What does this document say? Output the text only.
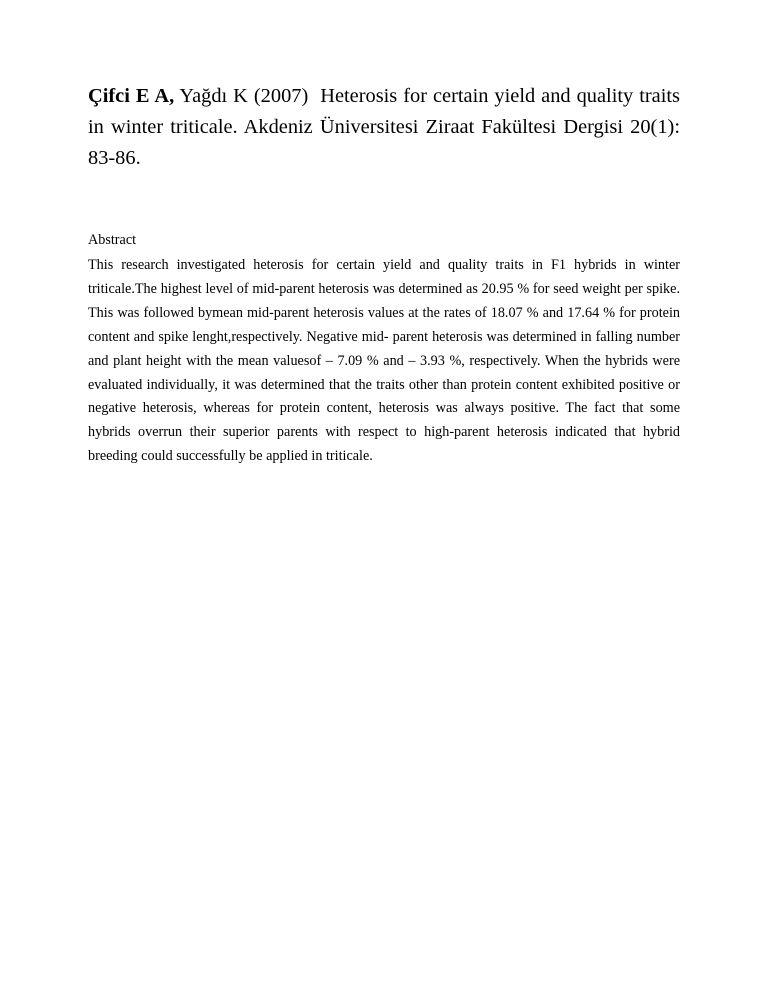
Çifci E A, Yağdı K (2007)  Heterosis for certain yield and quality traits in winter triticale. Akdeniz Üniversitesi Ziraat Fakültesi Dergisi 20(1): 83-86.

Abstract

This research investigated heterosis for certain yield and quality traits in F1 hybrids in winter triticale.The highest level of mid-parent heterosis was determined as 20.95 % for seed weight per spike. This was followed bymean mid-parent heterosis values at the rates of 18.07 % and 17.64 % for protein content and spike lenght,respectively. Negative mid- parent heterosis was determined in falling number and plant height with the mean valuesof – 7.09 % and – 3.93 %, respectively. When the hybrids were evaluated individually, it was determined that the traits other than protein content exhibited positive or negative heterosis, whereas for protein content, heterosis was always positive. The fact that some hybrids overrun their superior parents with respect to high-parent heterosis indicated that hybrid breeding could successfully be applied in triticale.
